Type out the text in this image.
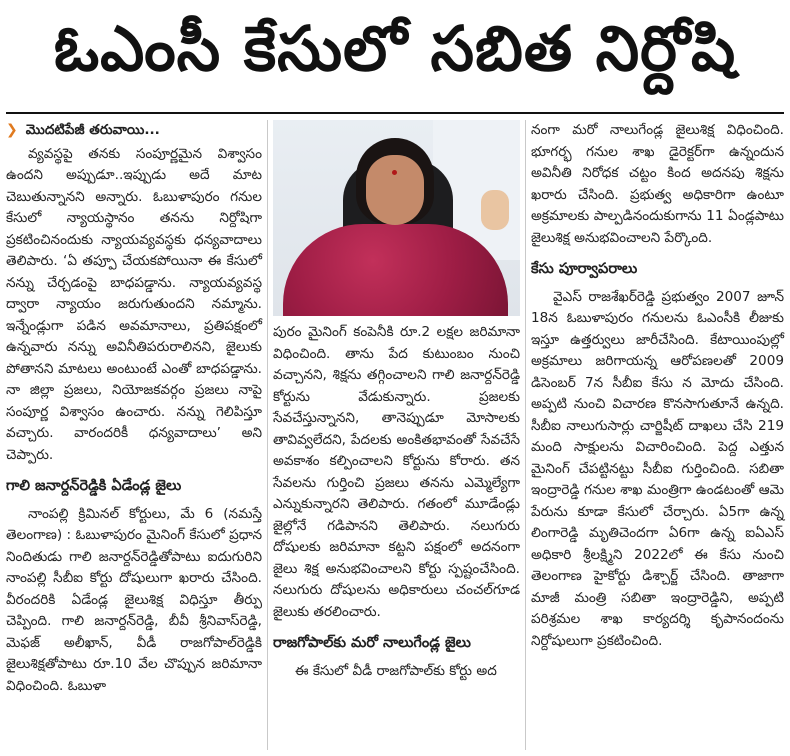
ఓఎంసీ కేసులో సబిత నిర్దోషి
❯ మొదటిపేజీ తరువాయి...

వ్యవస్థపై తనకు సంపూర్ణమైన విశ్వాసం ఉందని అప్పుడూ..ఇప్పుడు అదే మాట చెబుతున్నానని అన్నారు. ఓబుళాపురం గనుల కేసులో న్యాయస్థానం తనను నిర్దోషిగా ప్రకటించినందుకు న్యాయవ్యవస్థకు ధన్యవాదాలు తెలిపారు. ‘ఏ తప్పూ చేయకపోయినా ఈ కేసులో నన్ను చేర్చడంపై బాధపడ్డాను. న్యాయవ్యవస్థ ద్వారా న్యాయం జరుగుతుందని నమ్మాను. ఇన్నేండ్లుగా పడిన అవమానాలు, ప్రతిపక్షంలో ఉన్నవారు నన్ను అవినీతిపరురాలినని, జైలుకు పోతానని మాటలు అంటుంటే ఎంతో బాధపడ్డాను. నా జిల్లా ప్రజలు, నియోజకవర్గం ప్రజలు నాపై సంపూర్ణ విశ్వాసం ఉంచారు. నన్ను గెలిపిస్తూ వచ్చారు. వారందరికీ ధన్యవాదాలు’ అని చెప్పారు.

గాలి జనార్దన్‌రెడ్డికి ఏడేండ్ల జైలు

నాంపల్లి క్రిమినల్ కోర్టులు, మే 6 (నమస్తే తెలంగాణ) : ఓబుళాపురం మైనింగ్ కేసులో ప్రధాన నిందితుడు గాలి జనార్దన్‌రెడ్డితోపాటు ఐదుగురిని నాంపల్లి సీబీఐ కోర్టు దోషులుగా ఖరారు చేసింది. వీరందరికి ఏడేండ్ల జైలుశిక్ష విధిస్తూ తీర్పు చెప్పింది. గాలి జనార్దన్‌రెడ్డి, బీవీ శ్రీనివాస్‌రెడ్డి, మెఫజ్ అలీఖాన్, వీడీ రాజగోపాల్‌రెడ్డికి జైలుశిక్షతోపాటు రూ.10 వేల చొప్పున జరిమానా విధించింది. ఓబుళా

పురం మైనింగ్ కంపెనీకి రూ.2 లక్షల జరిమానా విధించింది. తాను పేద కుటుంబం నుంచి వచ్చానని, శిక్షను తగ్గించాలని గాలి జనార్దన్‌రెడ్డి కోర్టును వేడుకున్నారు. ప్రజలకు సేవచేస్తున్నానని, తానెప్పుడూ మోసాలకు తావివ్వలేదని, పేదలకు అంకితభావంతో సేవచేసే అవకాశం కల్పించాలని కోర్టును కోరారు. తన సేవలను గుర్తించి ప్రజలు తనను ఎమ్మెల్యేగా ఎన్నుకున్నారని తెలిపారు. గతంలో మూడేండ్లు జైల్లోనే గడిపానని తెలిపారు. నలుగురు దోషులకు జరిమానా కట్టని పక్షంలో అదనంగా జైలు శిక్ష అనుభవించాలని కోర్టు స్పష్టంచేసింది. నలుగురు దోషులను అధికారులు చంచల్‌గూడ జైలుకు తరలించారు.

రాజగోపాల్‌కు మరో నాలుగేండ్ల జైలు

ఈ కేసులో వీడీ రాజగోపాల్‌కు కోర్టు అద

నంగా మరో నాలుగేండ్ల జైలుశిక్ష విధించింది. భూగర్భ గనుల శాఖ డైరెక్టర్‌గా ఉన్నందున అవినీతి నిరోధక చట్టం కింద అదనపు శిక్షను ఖరారు చేసింది. ప్రభుత్వ అధికారిగా ఉంటూ అక్రమాలకు పాల్పడినందుకుగాను 11 ఏండ్లపాటు జైలుశిక్ష అనుభవించాలని పేర్కొంది.

కేసు పూర్వాపరాలు

వైఎస్ రాజశేఖర్‌రెడ్డి ప్రభుత్వం 2007 జూన్ 18న ఓబుళాపురం గనులను ఓఎంసీకి లీజుకు ఇస్తూ ఉత్తర్వులు జారీచేసింది. కేటాయింపుల్లో అక్రమాలు జరిగాయన్న ఆరోపణలతో 2009 డిసెంబర్ 7న సీబీఐ కేసు న మోదు చేసింది. అప్పటి నుంచి విచారణ కొనసాగుతూనే ఉన్నది. సీబీఐ నాలుగుసార్లు చార్జిషీట్ దాఖలు చేసి 219 మంది సాక్షులను విచారించింది. పెద్ద ఎత్తున మైనింగ్ చేపట్టినట్టు సీబీఐ గుర్తించింది. సబితా ఇంద్రారెడ్డి గనుల శాఖ మంత్రిగా ఉండటంతో ఆమె పేరును కూడా కేసులో చేర్చారు. ఏ5గా ఉన్న లింగారెడ్డి మృతిచెందగా ఏ6గా ఉన్న ఐఏఎస్ అధికారి శ్రీలక్ష్మిని 2022లో ఈ కేసు నుంచి తెలంగాణ హైకోర్టు డిశ్చార్జ్ చేసింది. తాజాగా మాజీ మంత్రి సబితా ఇంద్రారెడ్డిని, అప్పటి పరిశ్రమల శాఖ కార్యదర్శి కృపానందంను నిర్దోషులుగా ప్రకటించింది.
